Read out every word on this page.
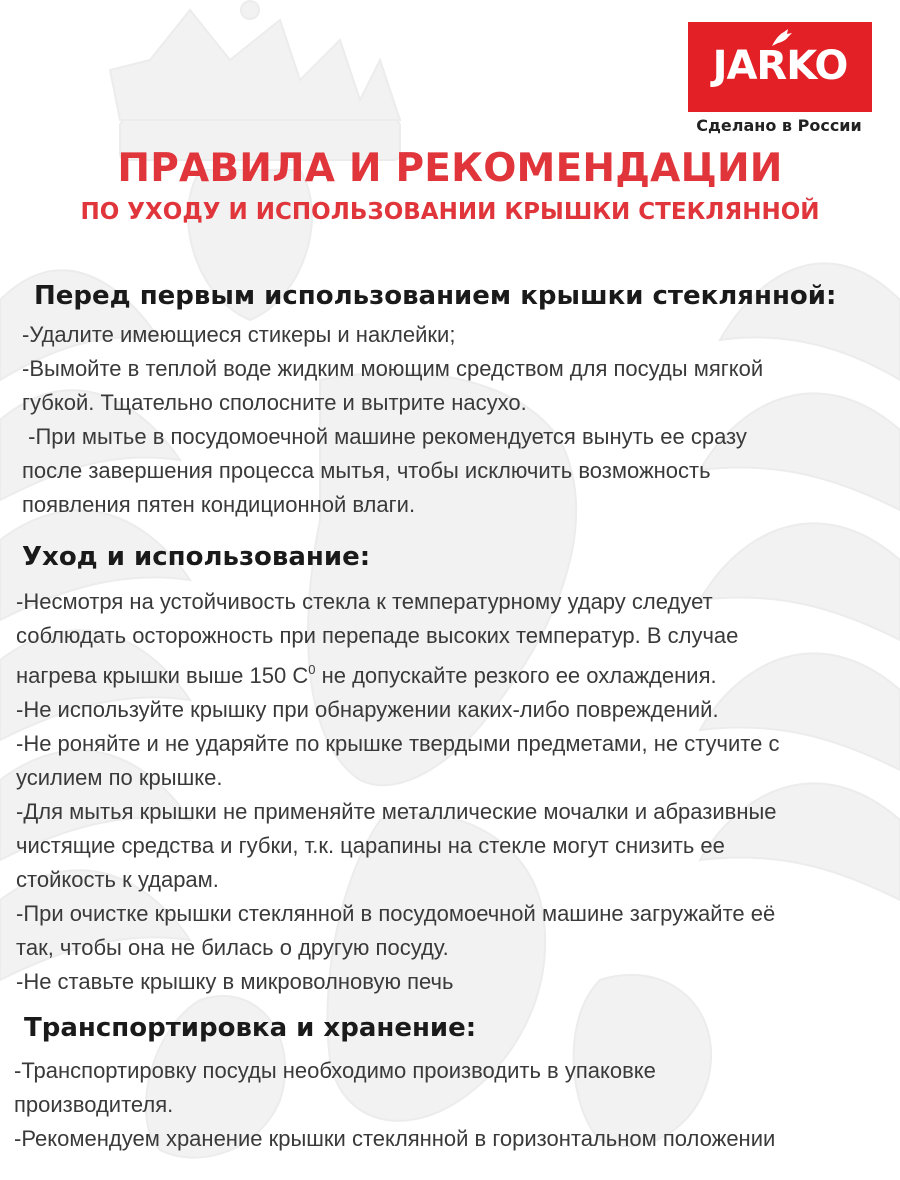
JARKO
Сделано в России
ПРАВИЛА И РЕКОМЕНДАЦИИ
ПО УХОДУ И ИСПОЛЬЗОВАНИИ КРЫШКИ СТЕКЛЯННОЙ
Перед первым использованием крышки стеклянной:
-Удалите имеющиеся стикеры и наклейки;
-Вымойте в теплой воде жидким моющим средством для посуды мягкой
губкой. Тщательно сполосните и вытрите насухо.
-При мытье в посудомоечной машине рекомендуется вынуть ее сразу
после завершения процесса мытья, чтобы исключить возможность
появления пятен кондиционной влаги.
Уход и использование:
-Несмотря на устойчивость стекла к температурному удару следует
соблюдать осторожность при перепаде высоких температур. В случае
нагрева крышки выше 150 $С^0$ не допускайте резкого ее охлаждения.
-Не используйте крышку при обнаружении каких-либо повреждений.
-Не роняйте и не ударяйте по крышке твердыми предметами, не стучите с
усилием по крышке.
-Для мытья крышки не применяйте металлические мочалки и абразивные
чистящие средства и губки, т.к. царапины на стекле могут снизить ее
стойкость к ударам.
-При очистке крышки стеклянной в посудомоечной машине загружайте её
так, чтобы она не билась о другую посуду.
-Не ставьте крышку в микроволновую печь
Транспортировка и хранение:
-Транспортировку посуды необходимо производить в упаковке
производителя.
-Рекомендуем хранение крышки стеклянной в горизонтальном положении
